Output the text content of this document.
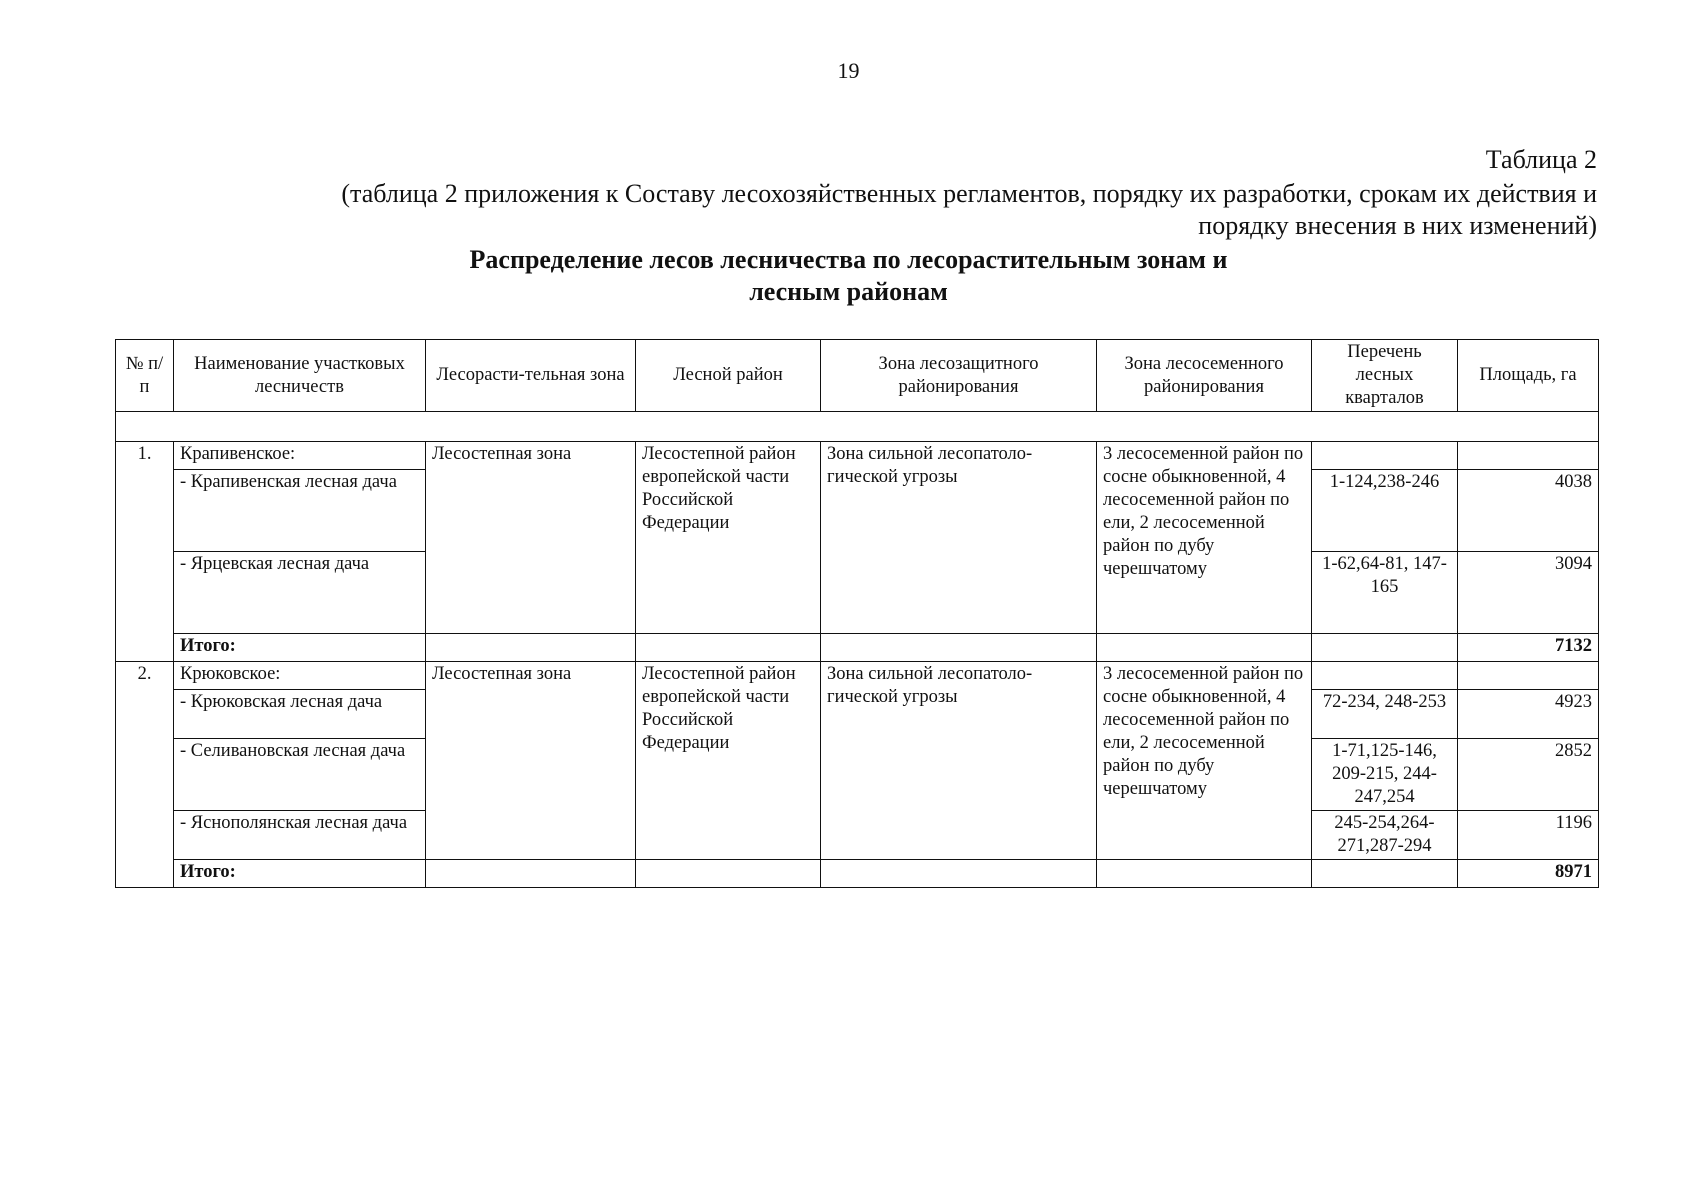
19
Таблица 2
(таблица 2 приложения к Составу лесохозяйственных регламентов, порядку их разработки, срокам их действия и
порядку внесения в них изменений)
Распределение лесов лесничества по лесорастительным зонам и
лесным районам
№ п/п	Наименование участковых лесничеств	Лесорасти-тельная зона	Лесной район	Зона лесозащитного районирования	Зона лесосеменного районирования	Перечень лесных кварталов	Площадь, га

1.	Крапивенское:	Лесостепная зона	Лесостепной район европейской части Российской Федерации	Зона сильной лесопатоло-гической угрозы	3 лесосеменной район по сосне обыкновенной, 4 лесосеменной район по ели, 2 лесосеменной район по дубу черешчатому		
	- Крапивенская лесная дача					1-124,238-246	4038
	- Ярцевская лесная дача					1-62,64-81, 147-165	3094
	Итого:						7132
2.	Крюковское:	Лесостепная зона	Лесостепной район европейской части Российской Федерации	Зона сильной лесопатоло-гической угрозы	3 лесосеменной район по сосне обыкновенной, 4 лесосеменной район по ели, 2 лесосеменной район по дубу черешчатому		
	- Крюковская лесная дача					72-234, 248-253	4923
	- Селивановская лесная дача					1-71,125-146, 209-215, 244-247,254	2852
	- Яснополянская лесная дача					245-254,264-271,287-294	1196
	Итого:						8971
